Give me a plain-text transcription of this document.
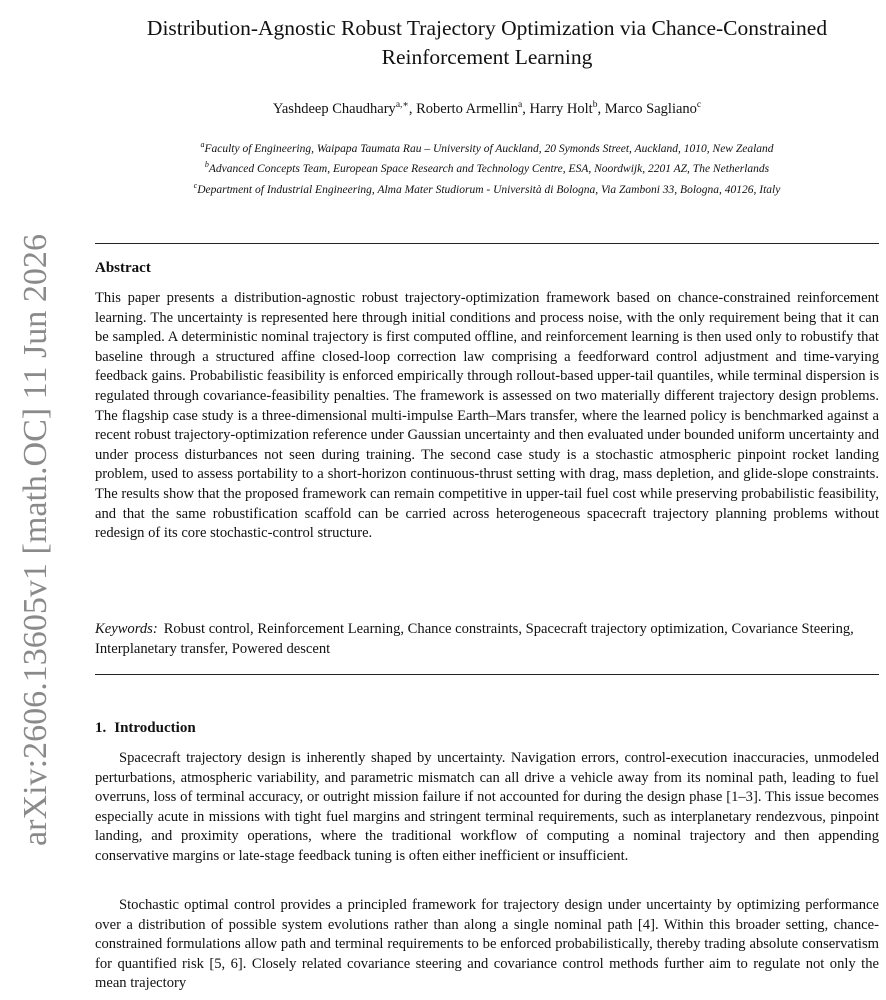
arXiv:2606.13605v1 [math.OC] 11 Jun 2026
Distribution-Agnostic Robust Trajectory Optimization via Chance-Constrained Reinforcement Learning
Yashdeep Chaudhary$^{a,∗}$, Roberto Armellin$^a$, Harry Holt$^b$, Marco Sagliano$^c$
$^a$Faculty of Engineering, Waipapa Taumata Rau – University of Auckland, 20 Symonds Street, Auckland, 1010, New Zealand
$^b$Advanced Concepts Team, European Space Research and Technology Centre, ESA, Noordwijk, 2201 AZ, The Netherlands
$^c$Department of Industrial Engineering, Alma Mater Studiorum - Università di Bologna, Via Zamboni 33, Bologna, 40126, Italy
Abstract

This paper presents a distribution-agnostic robust trajectory-optimization framework based on chance-constrained reinforcement learning. The uncertainty is represented here through initial conditions and process noise, with the only requirement being that it can be sampled. A deterministic nominal trajectory is first computed offline, and reinforcement learning is then used only to robustify that baseline through a structured affine closed-loop correction law comprising a feedforward control adjustment and time-varying feedback gains. Probabilistic feasibility is enforced empirically through rollout-based upper-tail quantiles, while terminal dispersion is regulated through covariance-feasibility penalties. The framework is assessed on two materially different trajectory design problems. The flagship case study is a three-dimensional multi-impulse Earth–Mars transfer, where the learned policy is benchmarked against a recent robust trajectory-optimization reference under Gaussian uncertainty and then evaluated under bounded uniform uncertainty and under process disturbances not seen during training. The second case study is a stochastic atmospheric pinpoint rocket landing problem, used to assess portability to a short-horizon continuous-thrust setting with drag, mass depletion, and glide-slope constraints. The results show that the proposed framework can remain competitive in upper-tail fuel cost while preserving probabilistic feasibility, and that the same robustification scaffold can be carried across heterogeneous spacecraft trajectory planning problems without redesign of its core stochastic-control structure.

Keywords: Robust control, Reinforcement Learning, Chance constraints, Spacecraft trajectory optimization, Covariance Steering, Interplanetary transfer, Powered descent

1. Introduction

Spacecraft trajectory design is inherently shaped by uncertainty. Navigation errors, control-execution inaccuracies, unmodeled perturbations, atmospheric variability, and parametric mismatch can all drive a vehicle away from its nominal path, leading to fuel overruns, loss of terminal accuracy, or outright mission failure if not accounted for during the design phase [1–3]. This issue becomes especially acute in missions with tight fuel margins and stringent terminal requirements, such as interplanetary rendezvous, pinpoint landing, and proximity operations, where the traditional workflow of computing a nominal trajectory and then appending conservative margins or late-stage feedback tuning is often either inefficient or insufficient.

Stochastic optimal control provides a principled framework for trajectory design under uncertainty by optimizing performance over a distribution of possible system evolutions rather than along a single nominal path [4]. Within this broader setting, chance-constrained formulations allow path and terminal requirements to be enforced probabilistically, thereby trading absolute conservatism for quantified risk [5, 6]. Closely related covariance steering and covariance control methods further aim to regulate not only the mean trajectory
